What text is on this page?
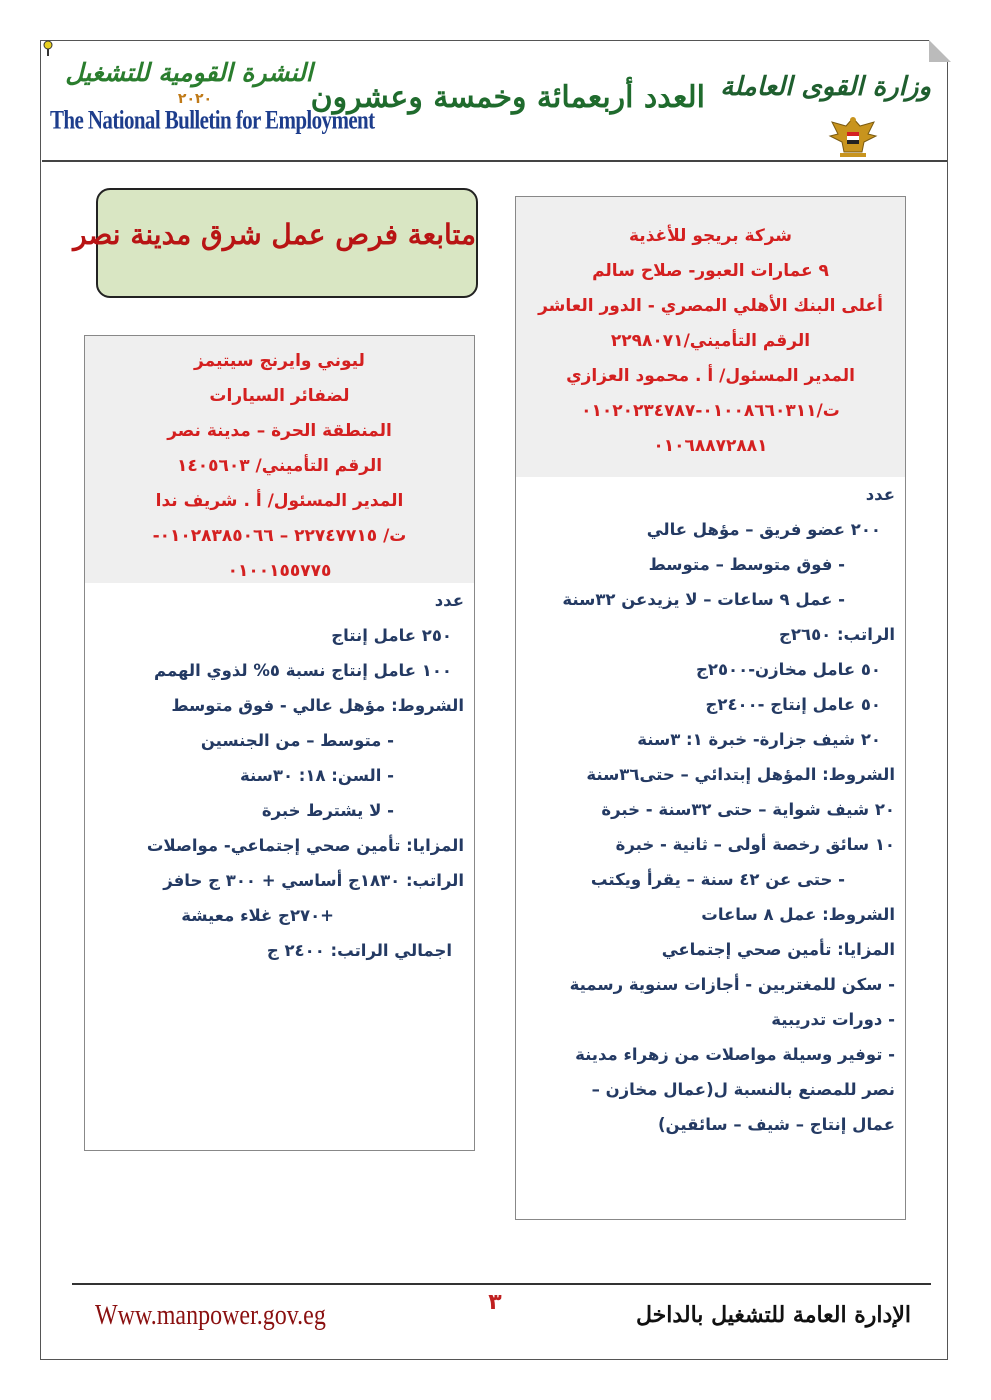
النشرة القومية للتشغيل
٢٠٢٠
The National Bulletin for Employment
العدد أربعمائة وخمسة وعشرون وزارة القوى العاملة
متابعة فرص عمل شرق مدينة نصر
ليوني وايرنج سيتيمز
لضفائر السيارات
المنطقة الحرة – مدينة نصر
الرقم التأميني/ ١٤٠٥٦٠٣
المدير المسئول/ أ . شريف ندا
ت/ ٢٢٧٤٧٧١٥ – ٠١٠٢٨٣٨٥٠٦٦-
٠١٠٠١٥٥٧٧٥
عدد
٢٥٠ عامل إنتاج
١٠٠ عامل إنتاج نسبة ٥% لذوي الهمم
الشروط: مؤهل عالي - فوق متوسط
- متوسط – من الجنسين
- السن: ١٨: ٣٠سنة
- لا يشترط خبرة
المزايا: تأمين صحي إجتماعي- مواصلات
الراتب: ١٨٣٠ج أساسي + ٣٠٠ ج حافز
+٢٧٠ج غلاء معيشة
اجمالي الراتب: ٢٤٠٠ ج
شركة بريجو للأغذية
٩ عمارات العبور- صلاح سالم
أعلى البنك الأهلي المصري - الدور العاشر
الرقم التأميني/٢٢٩٨٠٧١
المدير المسئول/ أ . محمود العزازي
ت/٠١٠٠٨٦٦٠٣١١-٠١٠٢٠٢٣٤٧٨٧
٠١٠٦٨٨٧٢٨٨١
عدد
٢٠٠ عضو فريق – مؤهل عالي
- فوق متوسط – متوسط
- عمل ٩ ساعات – لا يزيدعن ٣٢سنة
الراتب: ٢٦٥٠ج
٥٠ عامل مخازن-٢٥٠٠ج
٥٠ عامل إنتاج -٢٤٠٠ج
٢٠ شيف جزارة- خبرة ١: ٣سنة
الشروط: المؤهل إبتدائي – حتى٣٦سنة
٢٠ شيف شواية – حتى ٣٢سنة - خبرة
١٠ سائق رخصة أولى – ثانية - خبرة
- حتى عن ٤٢ سنة – يقرأ ويكتب
الشروط: عمل ٨ ساعات
المزايا: تأمين صحي إجتماعي
- سكن للمغتربين - أجازات سنوية رسمية
- دورات تدريبية
- توفير وسيلة مواصلات من زهراء مدينة
نصر للمصنع بالنسبة ل(عمال مخازن –
عمال إنتاج – شيف – سائقين)
Www.manpower.gov.eg	٣	الإدارة العامة للتشغيل بالداخل
